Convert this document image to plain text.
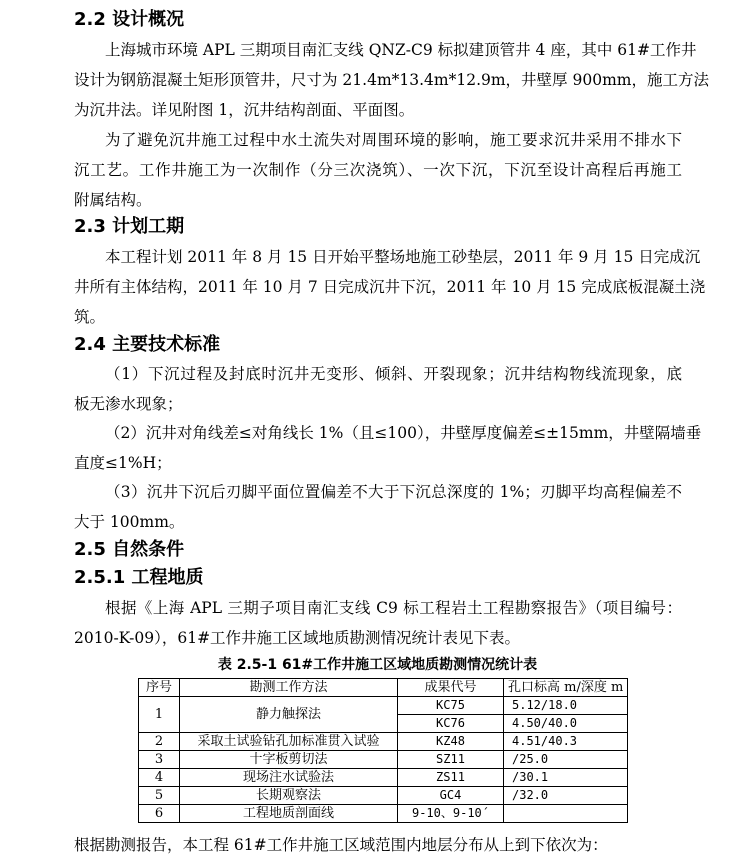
2.2 设计概况
上海城市环境 APL 三期项目南汇支线 QNZ-C9 标拟建顶管井 4 座，其中 61#工作井
设计为钢筋混凝土矩形顶管井，尺寸为 21.4m*13.4m*12.9m，井壁厚 900mm，施工方法
为沉井法。详见附图 1，沉井结构剖面、平面图。
为了避免沉井施工过程中水土流失对周围环境的影响，施工要求沉井采用不排水下
沉工艺。工作井施工为一次制作（分三次浇筑）、一次下沉，下沉至设计高程后再施工
附属结构。
2.3 计划工期
本工程计划 2011 年 8 月 15 日开始平整场地施工砂垫层，2011 年 9 月 15 日完成沉
井所有主体结构，2011 年 10 月 7 日完成沉井下沉，2011 年 10 月 15 完成底板混凝土浇
筑。
2.4 主要技术标准
（1）下沉过程及封底时沉井无变形、倾斜、开裂现象；沉井结构物线流现象，底
板无渗水现象；
（2）沉井对角线差≤对角线长 1%（且≤100），井壁厚度偏差≤±15mm，井壁隔墙垂
直度≤1%H；
（3）沉井下沉后刃脚平面位置偏差不大于下沉总深度的 1%；刃脚平均高程偏差不
大于 100mm。
2.5 自然条件
2.5.1 工程地质
根据《上海 APL 三期子项目南汇支线 C9 标工程岩土工程勘察报告》（项目编号：
2010-K-09），61#工作井施工区域地质勘测情况统计表见下表。
表 2.5-1 61#工作井施工区域地质勘测情况统计表
序号	勘测工作方法	成果代号	孔口标高 m/深度 m
1	静力触探法	KC75	5.12/18.0
		KC76	4.50/40.0
2	采取土试验钻孔加标准贯入试验	KZ48	4.51/40.3
3	十字板剪切法	SZ11	/25.0
4	现场注水试验法	ZS11	/30.1
5	长期观察法	GC4	/32.0
6	工程地质剖面线	9-10、9-10´	
根据勘测报告，本工程 61#工作井施工区域范围内地层分布从上到下依次为：
